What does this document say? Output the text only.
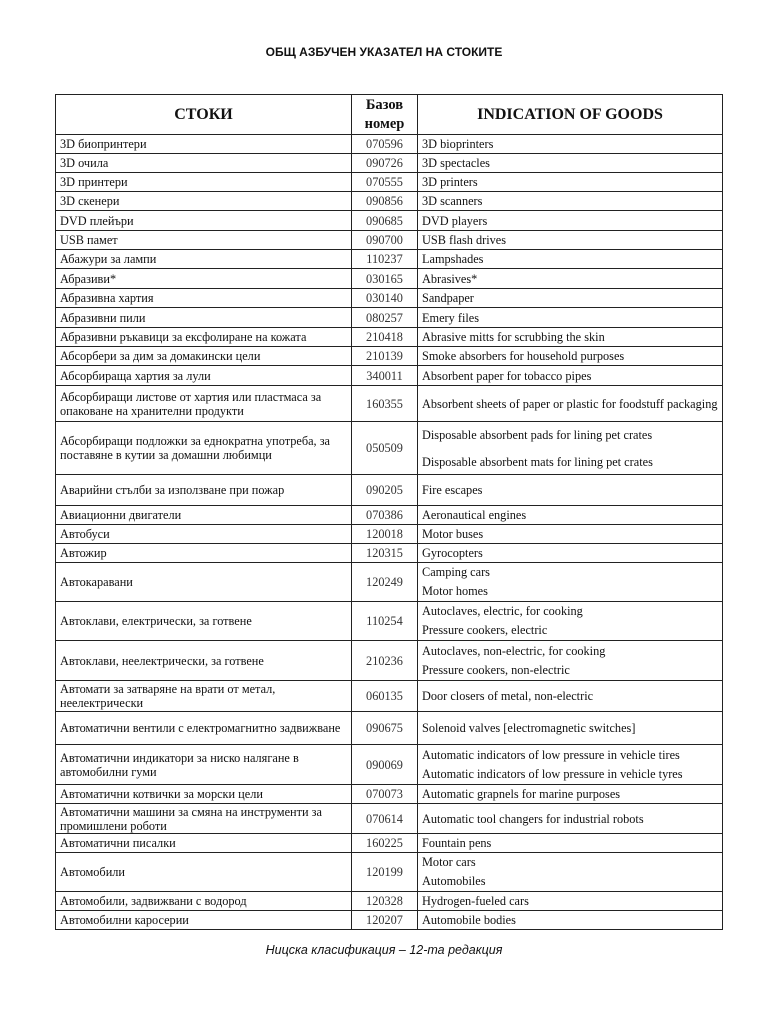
ОБЩ АЗБУЧЕН УКАЗАТЕЛ НА СТОКИТЕ
СТОКИ	Базов номер	INDICATION OF GOODS
3D биопринтери	070596	3D bioprinters

3D очила	090726	3D spectacles

3D принтери	070555	3D printers

3D скенери	090856	3D scanners

DVD плейъри	090685	DVD players

USB памет	090700	USB flash drives

Абажури за лампи	110237	Lampshades

Абразиви*	030165	Abrasives*

Абразивна хартия	030140	Sandpaper

Абразивни пили	080257	Emery files

Абразивни ръкавици за ексфолиране на кожата	210418	Abrasive mitts for scrubbing the skin

Абсорбери за дим за домакински цели	210139	Smoke absorbers for household purposes

Абсорбираща хартия за лули	340011	Absorbent paper for tobacco pipes

Абсорбиращи листове от хартия или пластмаса за опаковане на хранителни продукти	160355	Absorbent sheets of paper or plastic for foodstuff packaging

Абсорбиращи подложки за еднократна употреба, за поставяне в кутии за домашни любимци	050509	Disposable absorbent pads for lining pet crates
Disposable absorbent mats for lining pet crates

Аварийни стълби за използване при пожар	090205	Fire escapes

Авиационни двигатели	070386	Aeronautical engines

Автобуси	120018	Motor buses

Автожир	120315	Gyrocopters

Автокаравани	120249	Camping cars
Motor homes

Автоклави, електрически, за готвене	110254	Autoclaves, electric, for cooking
Pressure cookers, electric

Автоклави, неелектрически, за готвене	210236	Autoclaves, non-electric, for cooking
Pressure cookers, non-electric

Автомати за затваряне на врати от метал, неелектрически	060135	Door closers of metal, non-electric

Автоматични вентили с електромагнитно задвижване	090675	Solenoid valves [electromagnetic switches]

Автоматични индикатори за ниско налягане в автомобилни гуми	090069	Automatic indicators of low pressure in vehicle tires
Automatic indicators of low pressure in vehicle tyres

Автоматични котвички за морски цели	070073	Automatic grapnels for marine purposes

Автоматични машини за смяна на инструменти за промишлени роботи	070614	Automatic tool changers for industrial robots

Автоматични писалки	160225	Fountain pens

Автомобили	120199	Motor cars
Automobiles

Автомобили, задвижвани с водород	120328	Hydrogen-fueled cars

Автомобилни каросерии	120207	Automobile bodies
Ницска класификация – 12-та редакция
